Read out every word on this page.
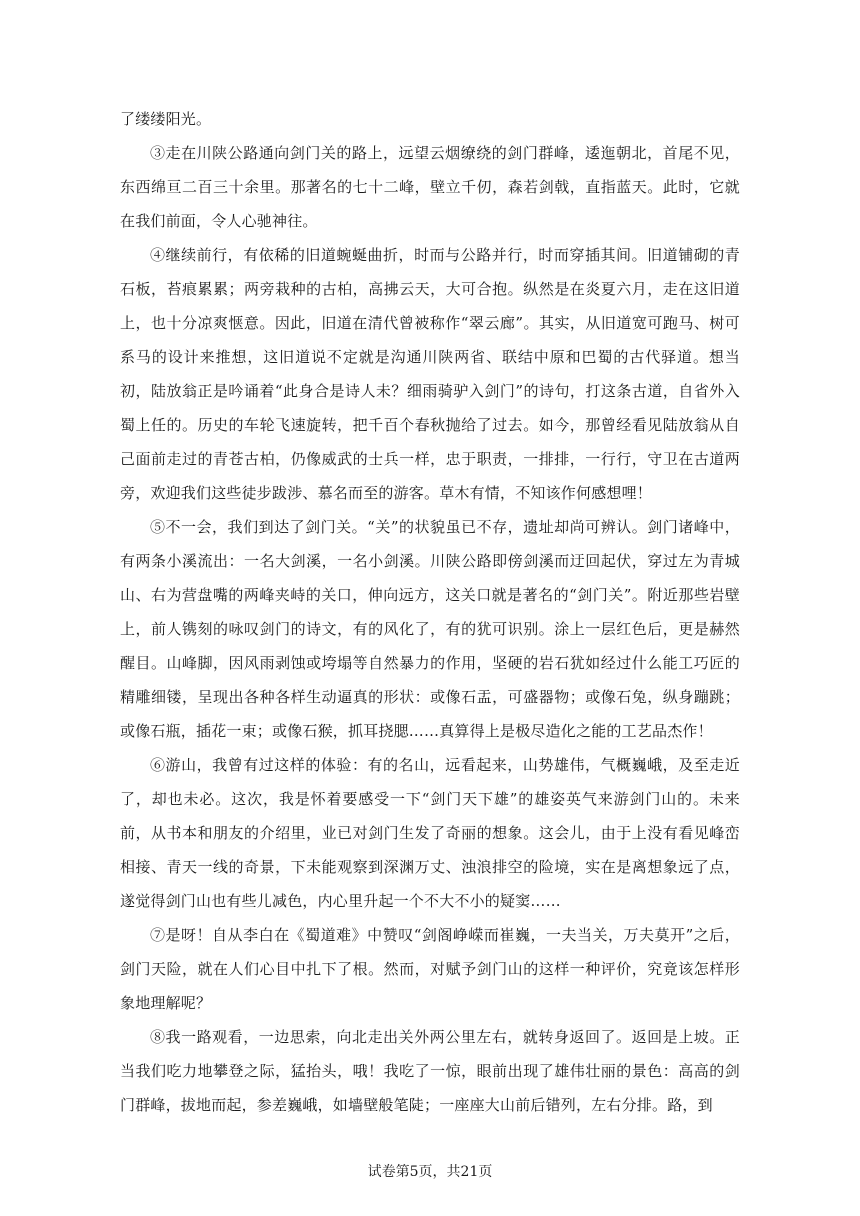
了缕缕阳光。

③走在川陕公路通向剑门关的路上，远望云烟缭绕的剑门群峰，逶迤朝北，首尾不见，东西绵亘二百三十余里。那著名的七十二峰，壁立千仞，森若剑戟，直指蓝天。此时，它就在我们前面，令人心驰神往。

④继续前行，有依稀的旧道蜿蜒曲折，时而与公路并行，时而穿插其间。旧道铺砌的青石板，苔痕累累；两旁栽种的古柏，高拂云天，大可合抱。纵然是在炎夏六月，走在这旧道上，也十分凉爽惬意。因此，旧道在清代曾被称作“翠云廊”。其实，从旧道宽可跑马、树可系马的设计来推想，这旧道说不定就是沟通川陕两省、联结中原和巴蜀的古代驿道。想当初，陆放翁正是吟诵着“此身合是诗人未？细雨骑驴入剑门”的诗句，打这条古道，自省外入蜀上任的。历史的车轮飞速旋转，把千百个春秋抛给了过去。如今，那曾经看见陆放翁从自己面前走过的青苍古柏，仍像威武的士兵一样，忠于职责，一排排，一行行，守卫在古道两旁，欢迎我们这些徒步跋涉、慕名而至的游客。草木有情，不知该作何感想哩！

⑤不一会，我们到达了剑门关。“关”的状貌虽已不存，遗址却尚可辨认。剑门诸峰中，有两条小溪流出：一名大剑溪，一名小剑溪。川陕公路即傍剑溪而迂回起伏，穿过左为青城山、右为营盘嘴的两峰夹峙的关口，伸向远方，这关口就是著名的“剑门关”。附近那些岩壁上，前人镌刻的咏叹剑门的诗文，有的风化了，有的犹可识别。涂上一层红色后，更是赫然醒目。山峰脚，因风雨剥蚀或垮塌等自然暴力的作用，坚硬的岩石犹如经过什么能工巧匠的精雕细镂，呈现出各种各样生动逼真的形状：或像石盂，可盛器物；或像石兔，纵身蹦跳；或像石瓶，插花一束；或像石猴，抓耳挠腮……真算得上是极尽造化之能的工艺品杰作！

⑥游山，我曾有过这样的体验：有的名山，远看起来，山势雄伟，气概巍峨，及至走近了，却也未必。这次，我是怀着要感受一下“剑门天下雄”的雄姿英气来游剑门山的。未来前，从书本和朋友的介绍里，业已对剑门生发了奇丽的想象。这会儿，由于上没有看见峰峦相接、青天一线的奇景，下未能观察到深渊万丈、浊浪排空的险境，实在是离想象远了点，遂觉得剑门山也有些儿减色，内心里升起一个不大不小的疑窦……

⑦是呀！自从李白在《蜀道难》中赞叹“剑阁峥嵘而崔巍，一夫当关，万夫莫开”之后，剑门天险，就在人们心目中扎下了根。然而，对赋予剑门山的这样一种评价，究竟该怎样形象地理解呢？

⑧我一路观看，一边思索，向北走出关外两公里左右，就转身返回了。返回是上坡。正当我们吃力地攀登之际，猛抬头，哦！我吃了一惊，眼前出现了雄伟壮丽的景色：高高的剑门群峰，拔地而起，参差巍峨，如墙壁般笔陡；一座座大山前后错列，左右分排。路，到

试卷第5页，共21页
